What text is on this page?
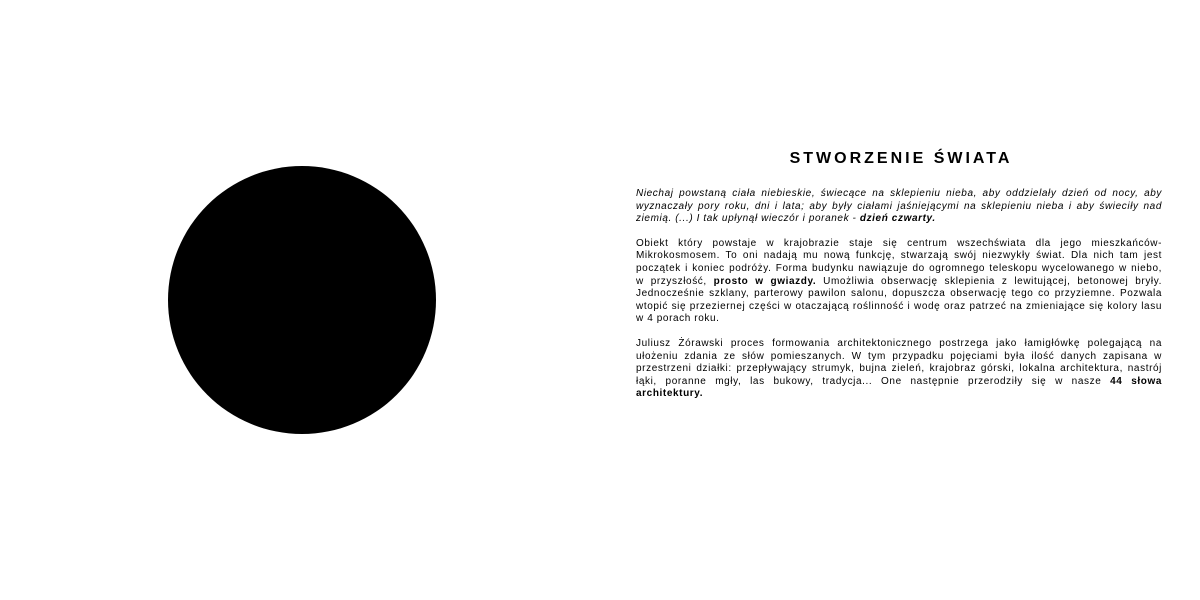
STWORZENIE ŚWIATA

Niechaj powstaną ciała niebieskie, świecące na sklepieniu nieba, aby oddzielały dzień od nocy, aby wyznaczały pory roku, dni i lata; aby były ciałami jaśniejącymi na sklepieniu nieba i aby świeciły nad ziemią. (...) I tak upłynął wieczór i poranek - dzień czwarty.

Obiekt który powstaje w krajobrazie staje się centrum wszechświata dla jego mieszkańców- Mikrokosmosem. To oni nadają mu nową funkcję, stwarzają swój niezwykły świat. Dla nich tam jest początek i koniec podróży. Forma budynku nawiązuje do ogromnego teleskopu wycelowanego w niebo, w przyszłość, prosto w gwiazdy. Umożliwia obserwację sklepienia z lewitującej, betonowej bryły. Jednocześnie szklany, parterowy pawilon salonu, dopuszcza obserwację tego co przyziemne. Pozwala wtopić się przeziernej części w otaczającą roślinność i wodę oraz patrzeć na zmieniające się kolory lasu w 4 porach roku.

Juliusz Żórawski proces formowania architektonicznego postrzega jako łamigłówkę polegającą na ułożeniu zdania ze słów pomieszanych. W tym przypadku pojęciami była ilość danych zapisana w przestrzeni działki: przepływający strumyk, bujna zieleń, krajobraz górski, lokalna architektura, nastrój łąki, poranne mgły, las bukowy, tradycja... One następnie przerodziły się w nasze 44 słowa architektury.
